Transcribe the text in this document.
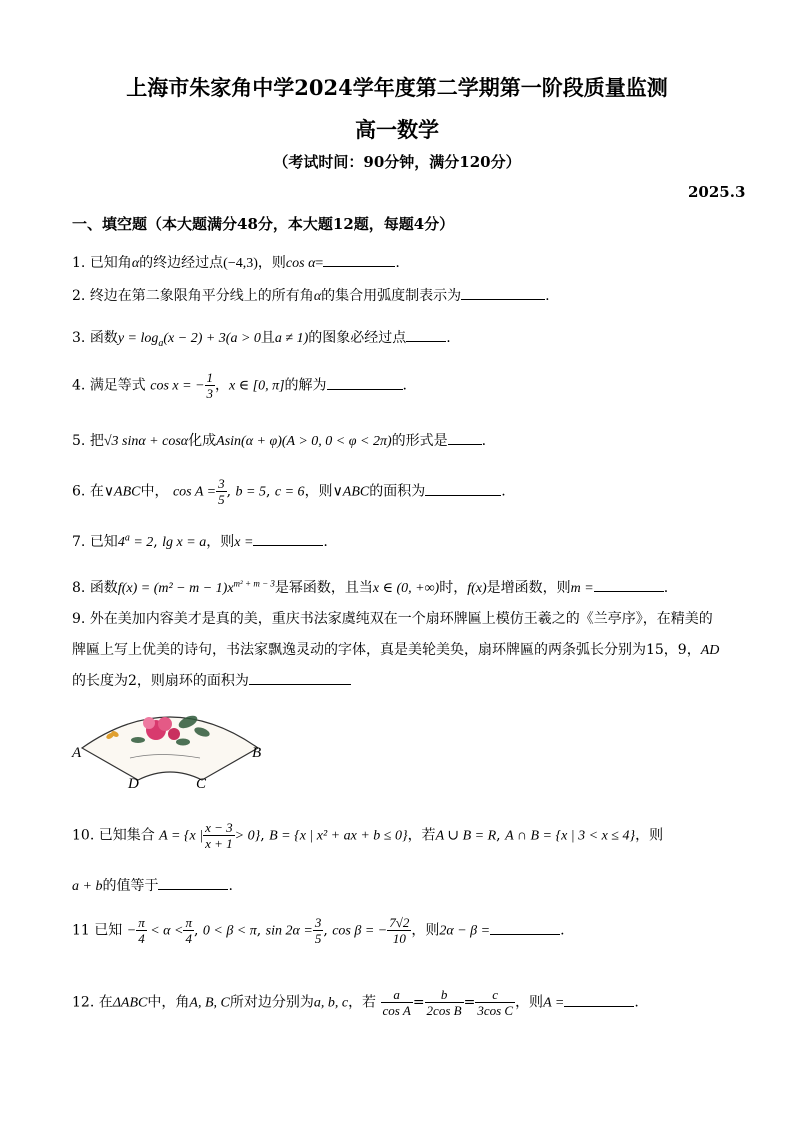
上海市朱家角中学2024学年度第二学期第一阶段质量监测
高一数学
（考试时间：90分钟，满分120分）
2025.3
一、填空题（本大题满分48分，本大题12题，每题4分）
1. 已知角α的终边经过点(−4,3)，则cos α=	.
2. 终边在第二象限角平分线上的所有角α的集合用弧度制表示为	.
3. 函数$y = \log_a(x - 2) + 3(a > 0$且a ≠ 1)的图象必经过点	.
4. 满足等式 cos x = − $\frac{1}{3}$ ，x ∈ [0, π]的解为	.
5. 把√3 sinα + cosα化成Asin(α + φ)(A > 0, 0 < φ < 2π)的形式是 .
6. 在∨ABC中， $\cos A = \frac{3}{5}$ , b = 5, c = 6，则∨ABC的面积为	.
7. 已知$4^a = 2$, lg x = a，则x =	.
8. 函数$f(x) = (m^2 - m - 1)x^{m^2 + m - 3}$是幂函数，且当x ∈ (0, +∞)时，f(x)是增函数，则m =	.
9. 外在美加内容美才是真的美，重庆书法家虞纯双在一个扇环牌匾上模仿王羲之的《兰亭序》，在精美的
牌匾上写上优美的诗句，书法家飘逸灵动的字体，真是美轮美奂，扇环牌匾的两条弧长分别为15，9，AD
的长度为2，则扇环的面积为
A	B
D	C
10. 已知集合 A = {x | $\frac{x - 3}{x + 1} > 0$}, B = {x | x² + ax + b ≤ 0}，若A ∪ B = R, A ∩ B = {x | 3 < x ≤ 4}，则
a + b的值等于	.
11 已知 − $\frac{\pi}{4} < \alpha < \frac{\pi}{4}$ , 0 < β < π, $\sin 2\alpha = \frac{3}{5}$ , cos β = − $\frac{7√2}{10}$ ，则2α − β =	.
12. 在ΔABC中，角A, B, C所对边分别为a, b, c，若 $\frac{a}{\text{cos A}} = \frac{b}{\text{2cos B}} = \frac{c}{\text{3cos C}}$ ，则A =	.
